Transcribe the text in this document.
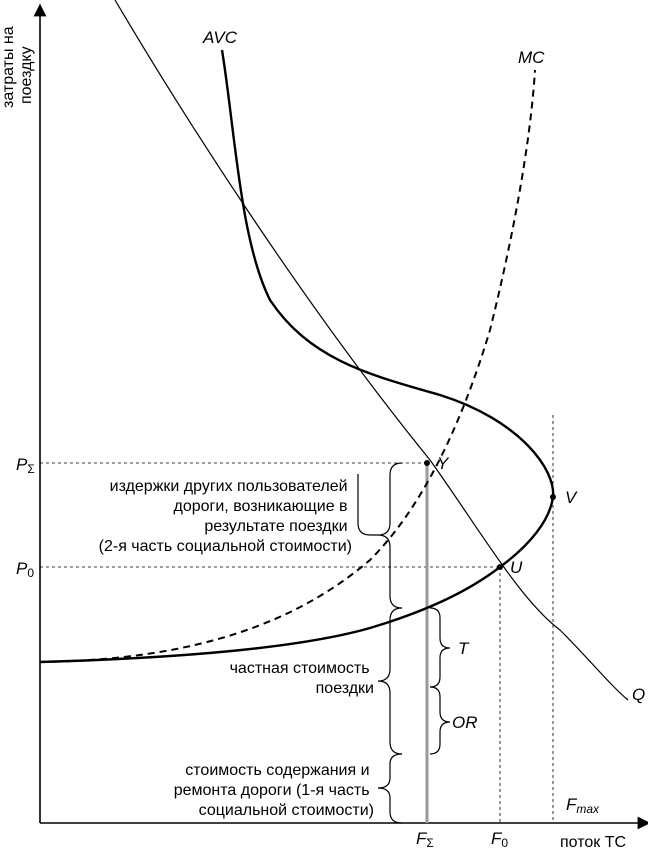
затраты на поездку
поток ТС
AVC
MC
Q
Y
U
V
PΣ
P0
FΣ	F0
Fmax
T
OR
издержки других пользователей дороги, возникающие в результате поездки (2-я часть социальной стоимости)
частная стоимость поездки
стоимость содержания и ремонта дороги (1-я часть социальной стоимости)
